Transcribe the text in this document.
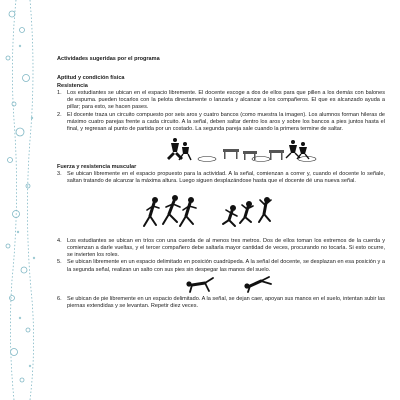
Actividades sugeridas por el programa
Aptitud y condición física
Resistencia
1. Los estudiantes se ubican en el espacio libremente. El docente escoge a dos de ellos para que pillen a los demás con balones de espuma. pueden tocarlos con la pelota directamente o lanzarla y alcanzar a los compañeros. El que es alcanzado ayuda a pillar; para esto, se hacen pases.
2. El docente traza un circuito compuesto por seis aros y cuatro bancos (como muestra la imagen). Los alumnos forman hileras de máximo cuatro parejas frente a cada circuito. A la señal, deben saltar dentro los aros y sobre los bancos a pies juntos hasta el final, y regresan al punto de partida por un costado. La segunda pareja sale cuando la primera termine de saltar.
Fuerza y resistencia muscular
3. Se ubican libremente en el espacio propuesto para la actividad. A la señal, comienzan a correr y, cuando el docente lo señale, saltan tratando de alcanzar la máxima altura. Luego siguen desplazándose hasta que el docente dé una nueva señal.
4. Los estudiantes se ubican en tríos con una cuerda de al menos tres metros. Dos de ellos toman los extremos de la cuerda y comienzan a darle vueltas, y el tercer compañero debe saltarla mayor cantidad de veces, procurando no tocarla. Si esto ocurre, se invierten los roles.
5. Se ubican libremente en un espacio delimitado en posición cuadrúpeda. A la señal del docente, se desplazan en esa posición y a la segunda señal, realizan un salto con sus pies sin despegar las manos del suelo.
6. Se ubican de pie libremente en un espacio delimitado. A la señal, se dejan caer, apoyan sus manos en el suelo, intentan subir las piernas extendidas y se levantan. Repetir diez veces.
